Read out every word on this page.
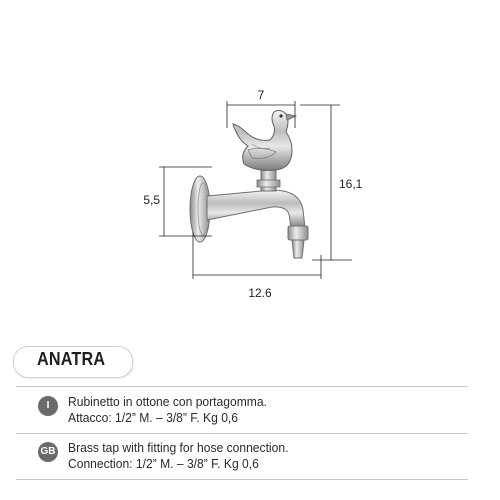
7
5,5
16,1
12.6
ANATRA
I	Rubinetto in ottone con portagomma.
Attacco: 1/2” M. – 3/8” F. Kg 0,6
GB Brass tap with fitting for hose connection.
Connection: 1/2” M. – 3/8” F. Kg 0,6
